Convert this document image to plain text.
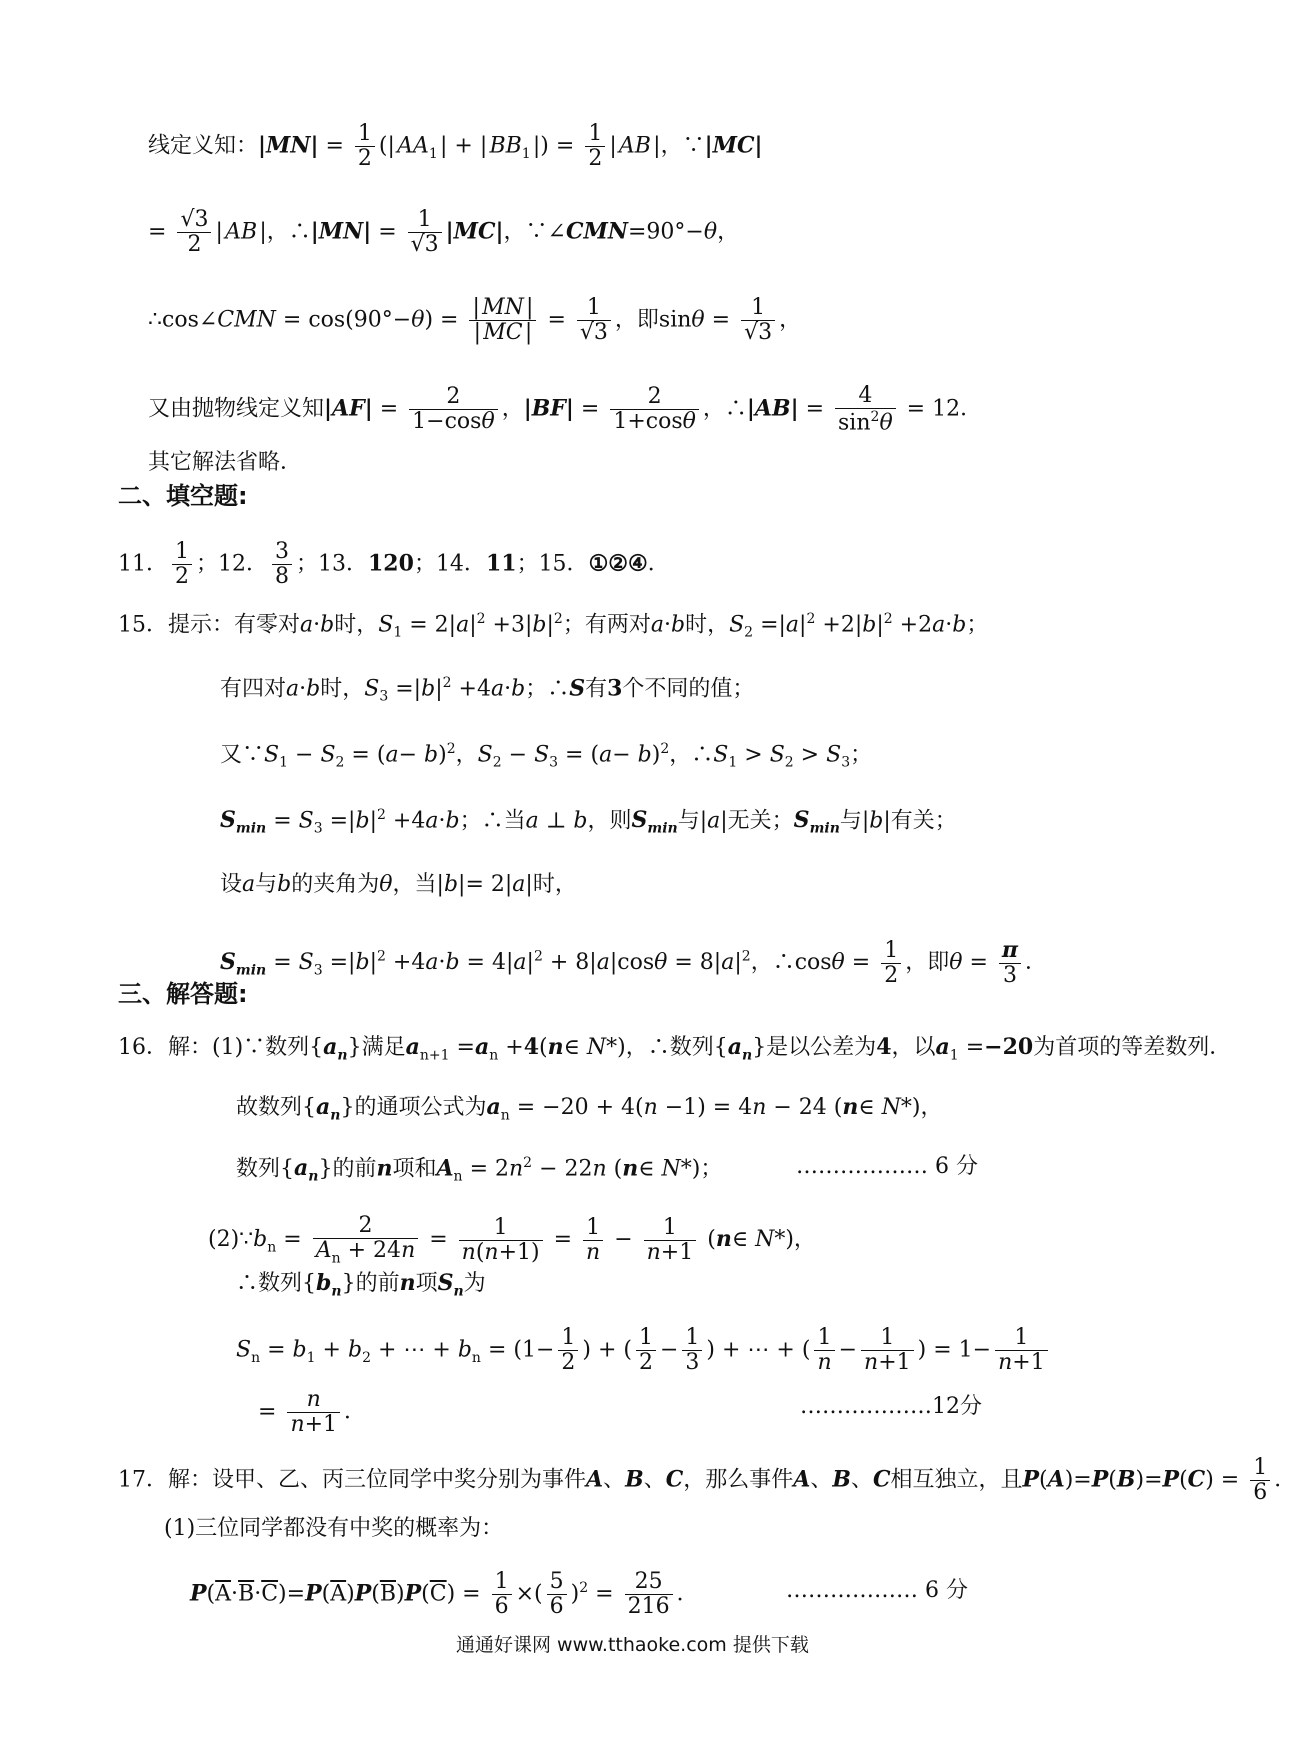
线定义知：$|MN| = \frac{1}{2}$ (| $AA_1$ | + | $BB_1$ |) = $\frac{1}{2}$ | AB |，∵|MC|
= $\frac{√3}{2}$ | AB |，∴|MN| = $\frac{1}{√3} |MC|$，∵∠CMN=90°−θ，
∴cos∠CMN = $\cos(90^\circ-\theta) = \frac{| MN |}{| MC |} = \frac{1}{√3}$ ，即$\sin\theta = \frac{1}{√3}$ ，
又由抛物线定义知$|AF| = \frac{2}{1-\cos\theta}$ ，$|BF| = \frac{2}{1+\cos\theta}$ ，∴|AB| = $\frac{4}{\sin^2\theta} = 12$．
其它解法省略．
二、填空题:
11． $\frac{1}{2}$ ；12． $\frac{3}{8}$ ；13．120；14．11；15．①②④．
15．提示：有零对a·b时，$S_1 = 2|a|^2 +3|b|^2$；有两对a·b时，$S_2 =|a|^2 +2|b|^2 +2a\cdot b$；
有四对a·b时，$S_3 =|b|^2 +4a\cdot b$；∴S有3个不同的值；
又$\because S_1 - S_2 = (a- b)^2$，$S_2 - S_3 = (a- b)^2$，$\therefore S_1 > S_2 > S_3$；
$S_{min} = S_3 =|b|^2 +4a\cdot b$；∴当a ⊥ b，则$S_{min}$与|a|无关；$S_{min}$与|b|有关；
设a与b的夹角为θ，当|b|= 2|a|时，
$S_{min} = S_3 =|b|^2 +4a\cdot b = 4|a|^2 + 8|a|\cos\theta = 8|a|^2$，∴cosθ = $\frac{1}{2}$ ，即$\theta = \frac{\pi}{3}$ ．
三、解答题:
16．解：(1)∵数列$\{a_n\}$满足$a_{n+1} =a_n$ +4(n∈ N*)，∴数列$\{a_n\}$是以公差为4，以$a_1 =-20$为首项的等差数列．
故数列$\{a_n\}$的通项公式为$a_n = -20 + 4(n -1) = 4n - 24$ (n∈ N*)，
数列$\{a_n\}$的前n项和$A_n = 2n^2 - 22n$ (n∈ N*)；	……………… 6 分
$(2)\because b_n = \frac{2}{A_n + 24n} = \frac{1}{n(n+1)} = \frac{1}{n} - \frac{1}{n+1}$ (n∈ N*)，
∴数列$\{b_n\}$的前n项$S_n$为
$S_n = b_1 + b_2$ + ⋯ + $b_n = (1- \frac{1}{2}$ ) + ( $\frac{1}{2} - \frac{1}{3}$ ) + ⋯ + ( $\frac{1}{n} - \frac{1}{n+1}$ ) = $1- \frac{1}{n+1}$
= $\frac{n}{n+1}$ ．	………………12分
17．解：设甲、乙、丙三位同学中奖分别为事件A、B、C，那么事件A、B、C相互独立，且$P(A)=P(B)=P(C) = \frac{1}{6}$ ．
(1)三位同学都没有中奖的概率为：
$P(\overline{A}\cdot\overline{B}\cdot\overline{C})=P(\overline{A})P(\overline{B})P(\overline{C}) = \frac{1}{6}$ ×( $\frac{5}{6} )^2 = \frac{25}{216}$ ．	……………… 6 分
通通好课网 www.tthaoke.com 提供下载
